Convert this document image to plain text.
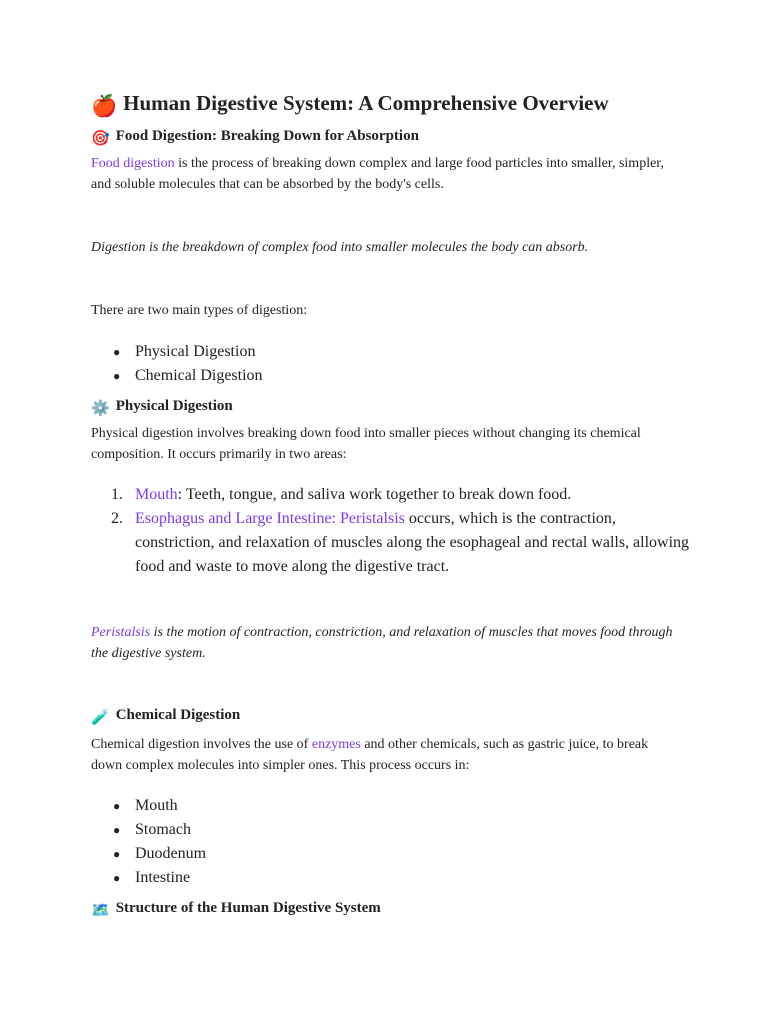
🍎 Human Digestive System: A Comprehensive Overview
🎯 Food Digestion: Breaking Down for Absorption

Food digestion is the process of breaking down complex and large food particles into smaller, simpler, and soluble molecules that can be absorbed by the body's cells.

Digestion is the breakdown of complex food into smaller molecules the body can absorb.

There are two main types of digestion:

● Physical Digestion
● Chemical Digestion
⚙️ Physical Digestion

Physical digestion involves breaking down food into smaller pieces without changing its chemical composition. It occurs primarily in two areas:

1. Mouth: Teeth, tongue, and saliva work together to break down food.
2. Esophagus and Large Intestine: Peristalsis occurs, which is the contraction, constriction, and relaxation of muscles along the esophageal and rectal walls, allowing food and waste to move along the digestive tract.

Peristalsis is the motion of contraction, constriction, and relaxation of muscles that moves food through the digestive system.

🧪 Chemical Digestion

Chemical digestion involves the use of enzymes and other chemicals, such as gastric juice, to break down complex molecules into simpler ones. This process occurs in:

● Mouth
● Stomach
● Duodenum
● Intestine
🗺️ Structure of the Human Digestive System
